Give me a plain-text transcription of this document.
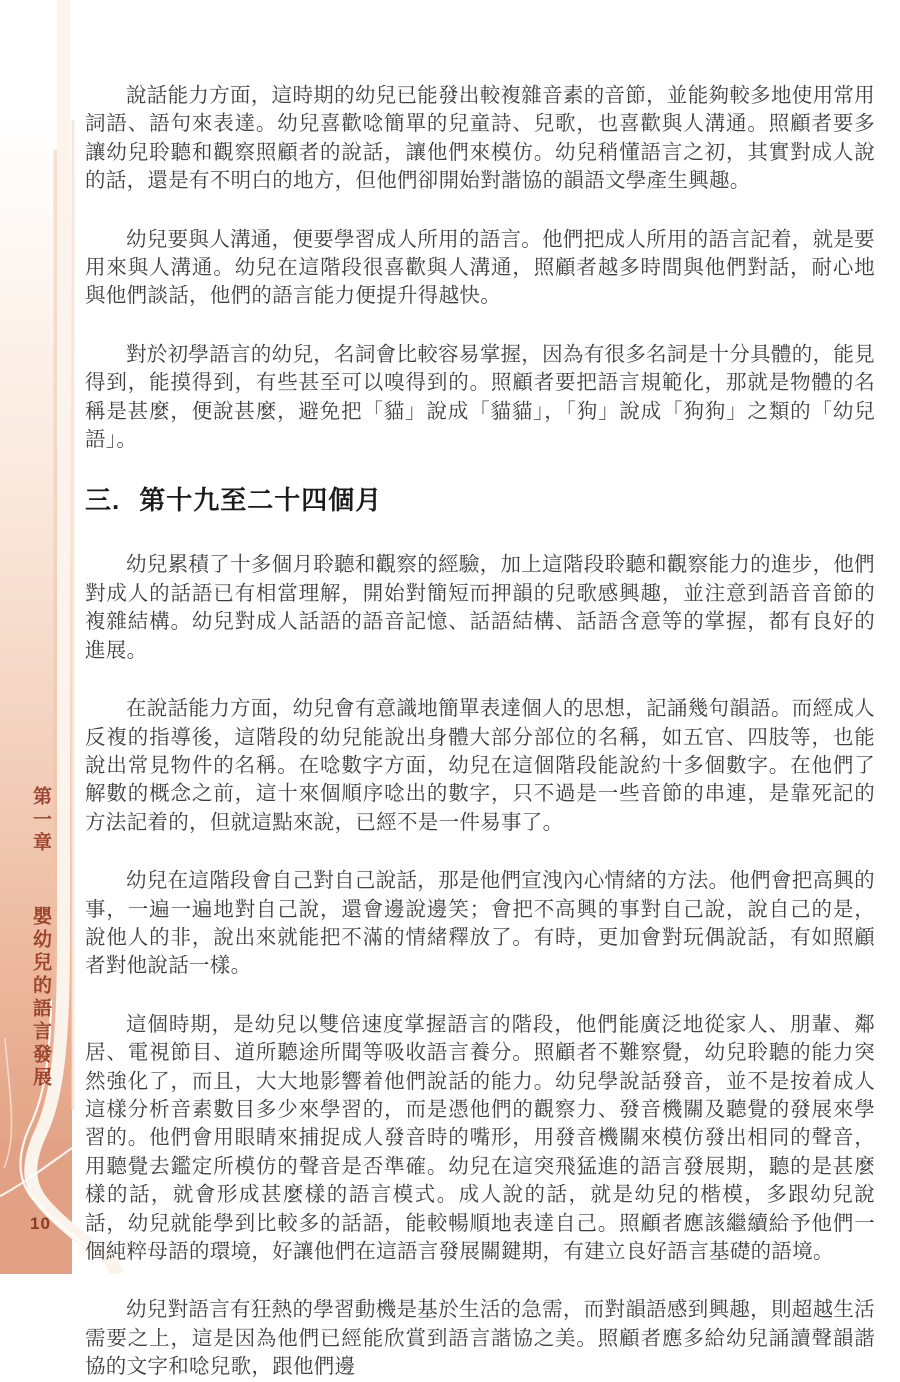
第一章 嬰幼兒的語言發展
10

說話能力方面，這時期的幼兒已能發出較複雜音素的音節，並能夠較多地使用常用詞語、語句來表達。幼兒喜歡唸簡單的兒童詩、兒歌，也喜歡與人溝通。照顧者要多讓幼兒聆聽和觀察照顧者的說話，讓他們來模仿。幼兒稍懂語言之初，其實對成人說的話，還是有不明白的地方，但他們卻開始對諧協的韻語文學產生興趣。

幼兒要與人溝通，便要學習成人所用的語言。他們把成人所用的語言記着，就是要用來與人溝通。幼兒在這階段很喜歡與人溝通，照顧者越多時間與他們對話，耐心地與他們談話，他們的語言能力便提升得越快。

對於初學語言的幼兒，名詞會比較容易掌握，因為有很多名詞是十分具體的，能見得到，能摸得到，有些甚至可以嗅得到的。照顧者要把語言規範化，那就是物體的名稱是甚麼，便說甚麼，避免把「貓」說成「貓貓」，「狗」說成「狗狗」之類的「幼兒語」。

三. 第十九至二十四個月

幼兒累積了十多個月聆聽和觀察的經驗，加上這階段聆聽和觀察能力的進步，他們對成人的話語已有相當理解，開始對簡短而押韻的兒歌感興趣，並注意到語音音節的複雜結構。幼兒對成人話語的語音記憶、話語結構、話語含意等的掌握，都有良好的進展。

在說話能力方面，幼兒會有意識地簡單表達個人的思想，記誦幾句韻語。而經成人反複的指導後，這階段的幼兒能說出身體大部分部位的名稱，如五官、四肢等，也能說出常見物件的名稱。在唸數字方面，幼兒在這個階段能說約十多個數字。在他們了解數的概念之前，這十來個順序唸出的數字，只不過是一些音節的串連，是靠死記的方法記着的，但就這點來說，已經不是一件易事了。

幼兒在這階段會自己對自己說話，那是他們宣洩內心情緒的方法。他們會把高興的事，一遍一遍地對自己說，還會邊說邊笑；會把不高興的事對自己說，說自己的是，說他人的非，說出來就能把不滿的情緒釋放了。有時，更加會對玩偶說話，有如照顧者對他說話一樣。

這個時期，是幼兒以雙倍速度掌握語言的階段，他們能廣泛地從家人、朋輩、鄰居、電視節目、道所聽途所聞等吸收語言養分。照顧者不難察覺，幼兒聆聽的能力突然強化了，而且，大大地影響着他們說話的能力。幼兒學說話發音，並不是按着成人這樣分析音素數目多少來學習的，而是憑他們的觀察力、發音機關及聽覺的發展來學習的。他們會用眼睛來捕捉成人發音時的嘴形，用發音機關來模仿發出相同的聲音，用聽覺去鑑定所模仿的聲音是否準確。幼兒在這突飛猛進的語言發展期，聽的是甚麼樣的話，就會形成甚麼樣的語言模式。成人說的話，就是幼兒的楷模，多跟幼兒說話，幼兒就能學到比較多的話語，能較暢順地表達自己。照顧者應該繼續給予他們一個純粹母語的環境，好讓他們在這語言發展關鍵期，有建立良好語言基礎的語境。

幼兒對語言有狂熱的學習動機是基於生活的急需，而對韻語感到興趣，則超越生活需要之上，這是因為他們已經能欣賞到語言諧協之美。照顧者應多給幼兒誦讀聲韻諧協的文字和唸兒歌，跟他們邊
